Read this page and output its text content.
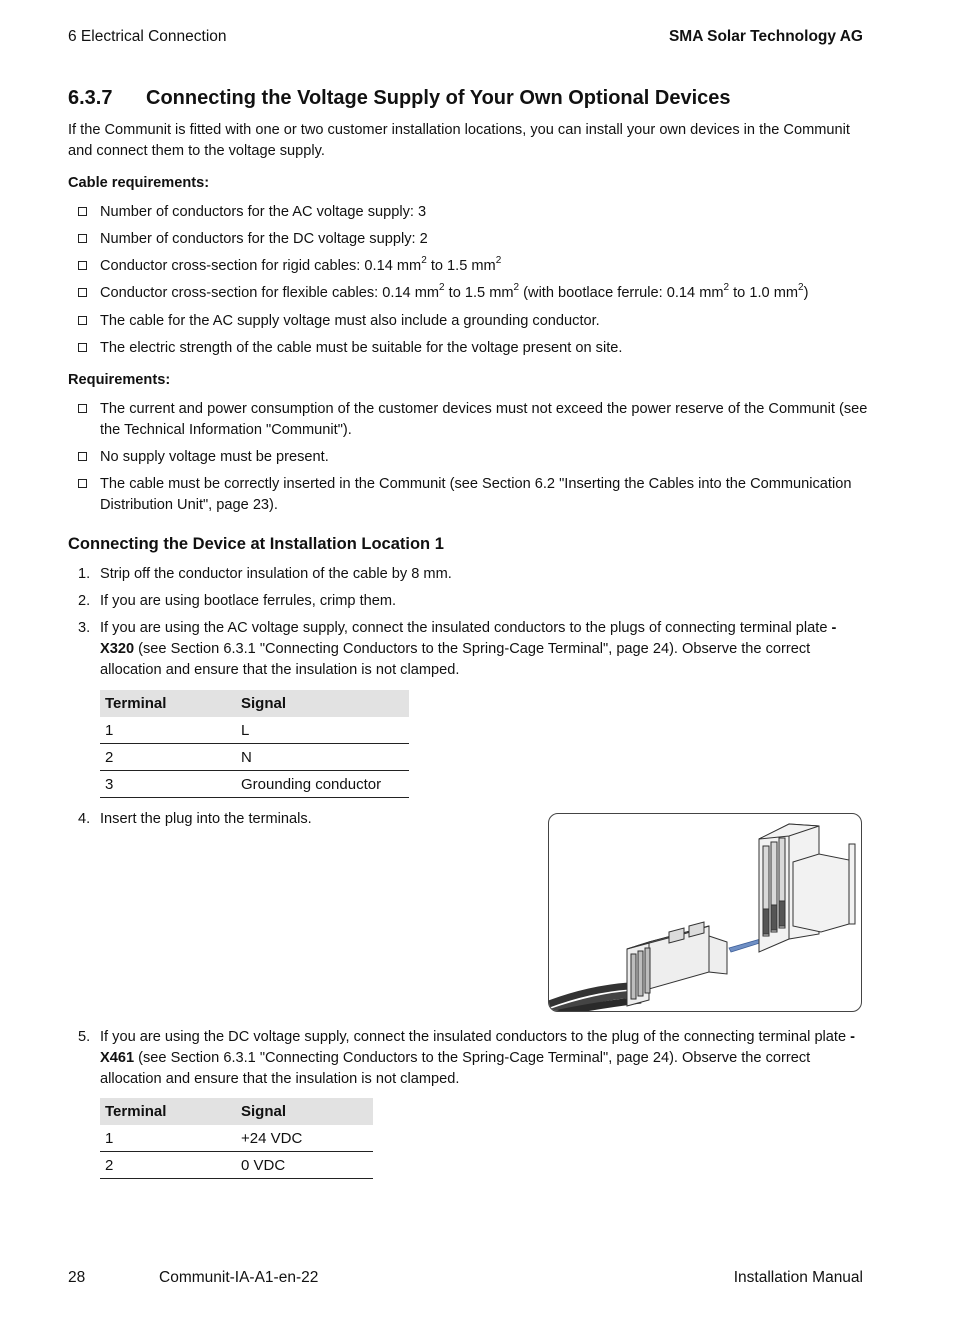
6 Electrical Connection	SMA Solar Technology AG
6.3.7 Connecting the Voltage Supply of Your Own Optional Devices
If the Communit is fitted with one or two customer installation locations, you can install your own devices in the Communit and connect them to the voltage supply.
Cable requirements:
Number of conductors for the AC voltage supply: 3
Number of conductors for the DC voltage supply: 2
Conductor cross-section for rigid cables: 0.14 $mm^2$ to 1.5 $mm^2$
Conductor cross-section for flexible cables: 0.14 $mm^2$ to 1.5 $mm^2$ (with bootlace ferrule: 0.14 $mm^2$ to 1.0 $mm^2$)
The cable for the AC supply voltage must also include a grounding conductor.
The electric strength of the cable must be suitable for the voltage present on site.
Requirements:
The current and power consumption of the customer devices must not exceed the power reserve of the Communit (see the Technical Information "Communit").
No supply voltage must be present.
The cable must be correctly inserted in the Communit (see Section 6.2 "Inserting the Cables into the Communication Distribution Unit", page 23).
Connecting the Device at Installation Location 1
1. Strip off the conductor insulation of the cable by 8 mm.
2. If you are using bootlace ferrules, crimp them.
3. If you are using the AC voltage supply, connect the insulated conductors to the plugs of connecting terminal plate -X320 (see Section 6.3.1 "Connecting Conductors to the Spring-Cage Terminal", page 24). Observe the correct allocation and ensure that the insulation is not clamped.
Terminal	Signal
1	L
2	N
3	Grounding conductor
4. Insert the plug into the terminals.
5. If you are using the DC voltage supply, connect the insulated conductors to the plug of the connecting terminal plate -X461 (see Section 6.3.1 "Connecting Conductors to the Spring-Cage Terminal", page 24). Observe the correct allocation and ensure that the insulation is not clamped.
Terminal	Signal
1	+24 VDC
2	0 VDC
28	Communit-IA-A1-en-22	Installation Manual
